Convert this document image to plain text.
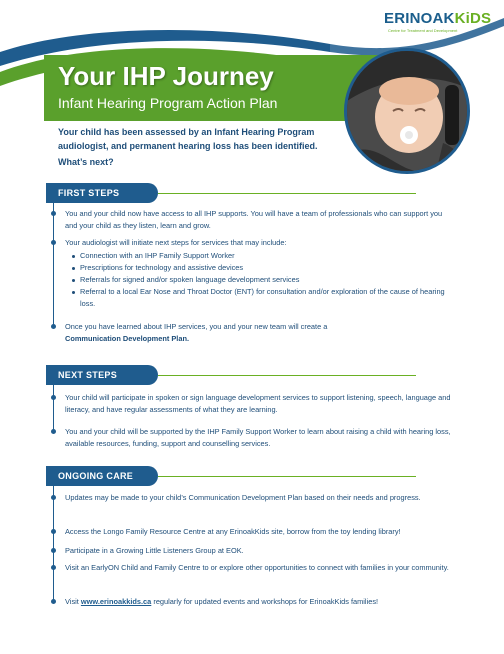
ERINOAKKiDS
Centre for Treatment and Development
Your IHP Journey
Infant Hearing Program Action Plan
Your child has been assessed by an Infant Hearing Program audiologist, and permanent hearing loss has been identified.
What’s next?
FIRST STEPS
You and your child now have access to all IHP supports. You will have a team of professionals who can support you and your child as they listen, learn and grow.
Your audiologist will initiate next steps for services that may include:
Connection with an IHP Family Support Worker
Prescriptions for technology and assistive devices
Referrals for signed and/or spoken language development services
Referral to a local Ear Nose and Throat Doctor (ENT) for consultation and/or exploration of the cause of hearing loss.
Once you have learned about IHP services, you and your new team will create a
Communication Development Plan.
NEXT STEPS
Your child will participate in spoken or sign language development services to support listening, speech, language and literacy, and have regular assessments of what they are learning.
You and your child will be supported by the IHP Family Support Worker to learn about raising a child with hearing loss, available resources, funding, support and counselling services.
ONGOING CARE
Updates may be made to your child’s Communication Development Plan based on their needs and progress.
Access the Longo Family Resource Centre at any ErinoakKids site, borrow from the toy lending library!
Participate in a Growing Little Listeners Group at EOK.
Visit an EarlyON Child and Family Centre to or explore other opportunities to connect with families in your community.
Visit www.erinoakkids.ca regularly for updated events and workshops for ErinoakKids families!
